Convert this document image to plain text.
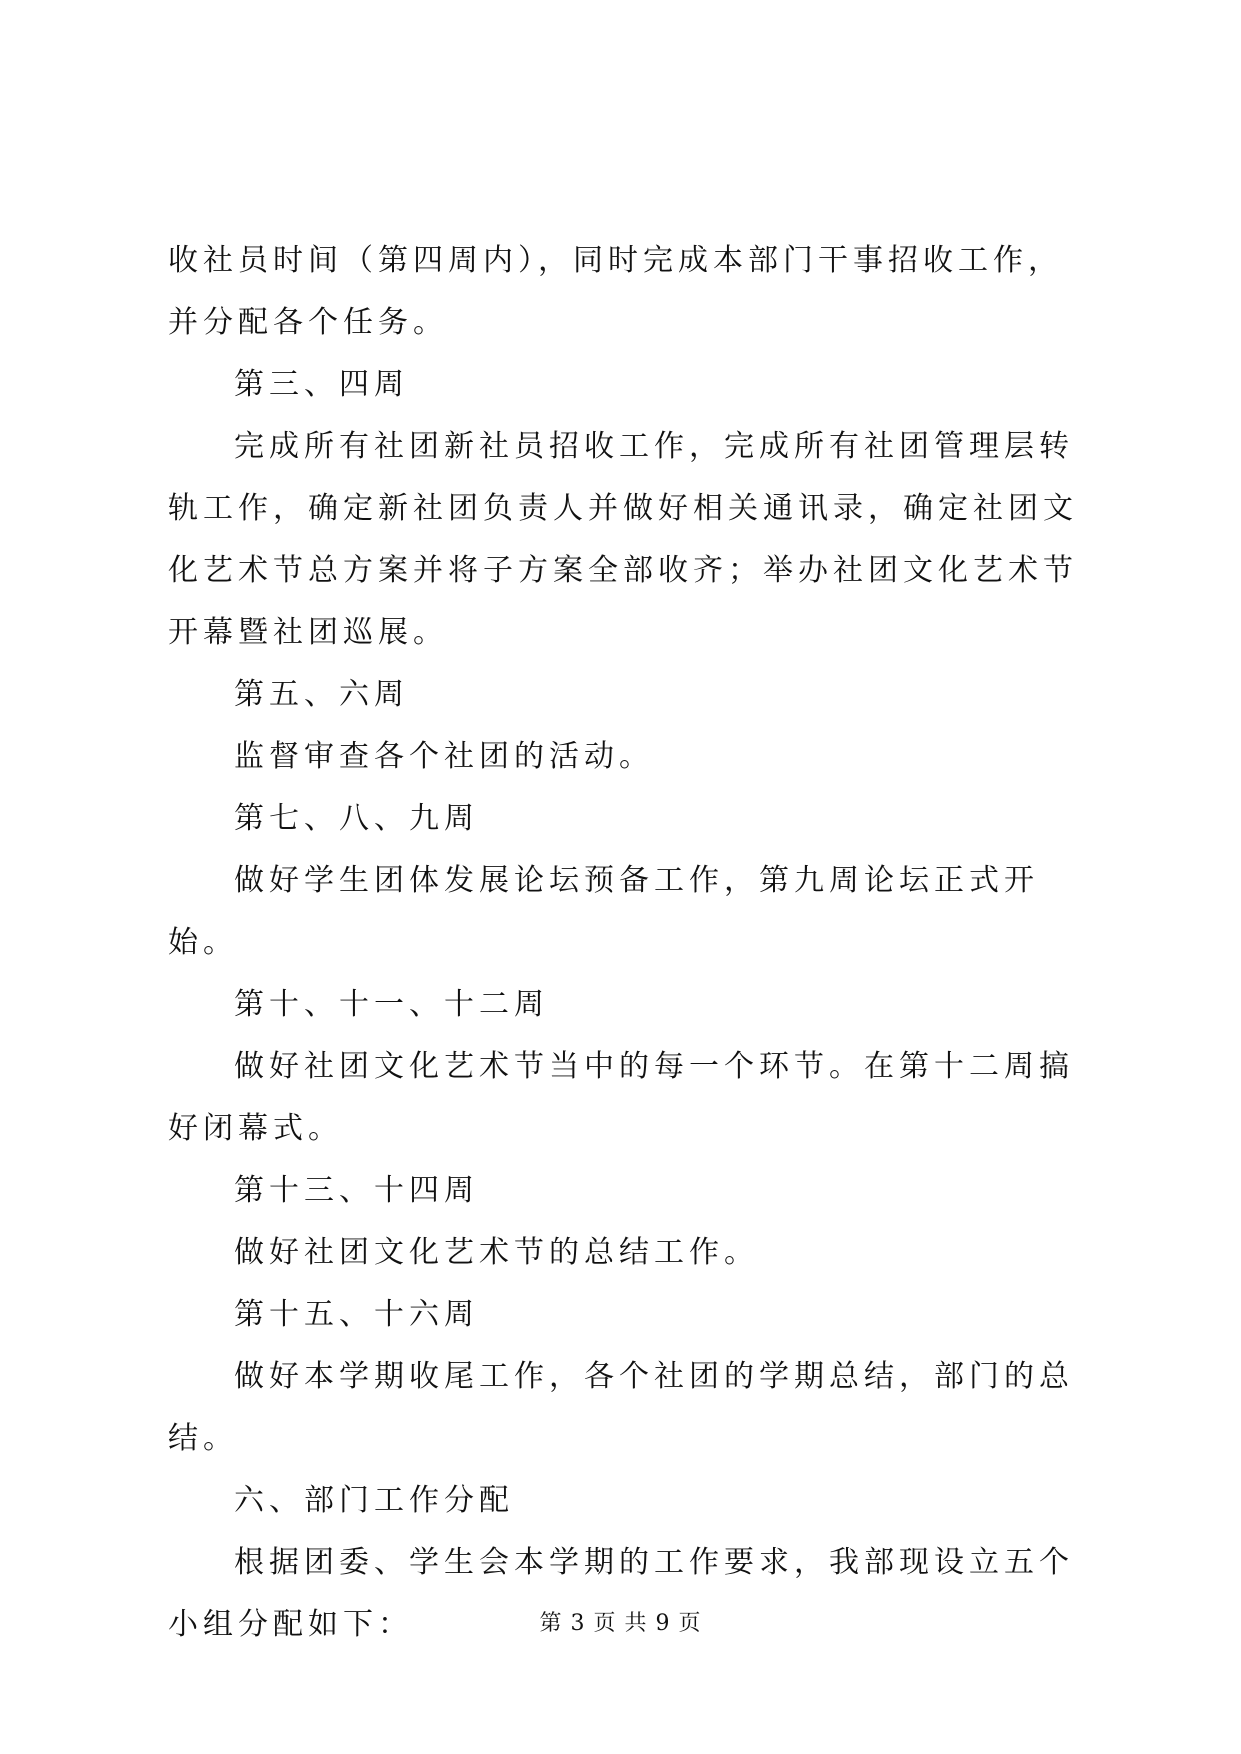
收社员时间（第四周内），同时完成本部门干事招收工作，并分配各个任务。

第三、四周

完成所有社团新社员招收工作，完成所有社团管理层转轨工作，确定新社团负责人并做好相关通讯录，确定社团文化艺术节总方案并将子方案全部收齐；举办社团文化艺术节开幕暨社团巡展。

第五、六周

监督审查各个社团的活动。

第七、八、九周

做好学生团体发展论坛预备工作，第九周论坛正式开始。

第十、十一、十二周

做好社团文化艺术节当中的每一个环节。在第十二周搞好闭幕式。

第十三、十四周

做好社团文化艺术节的总结工作。

第十五、十六周

做好本学期收尾工作，各个社团的学期总结，部门的总结。

六、部门工作分配

根据团委、学生会本学期的工作要求，我部现设立五个小组分配如下：	第 3 页 共 9 页
